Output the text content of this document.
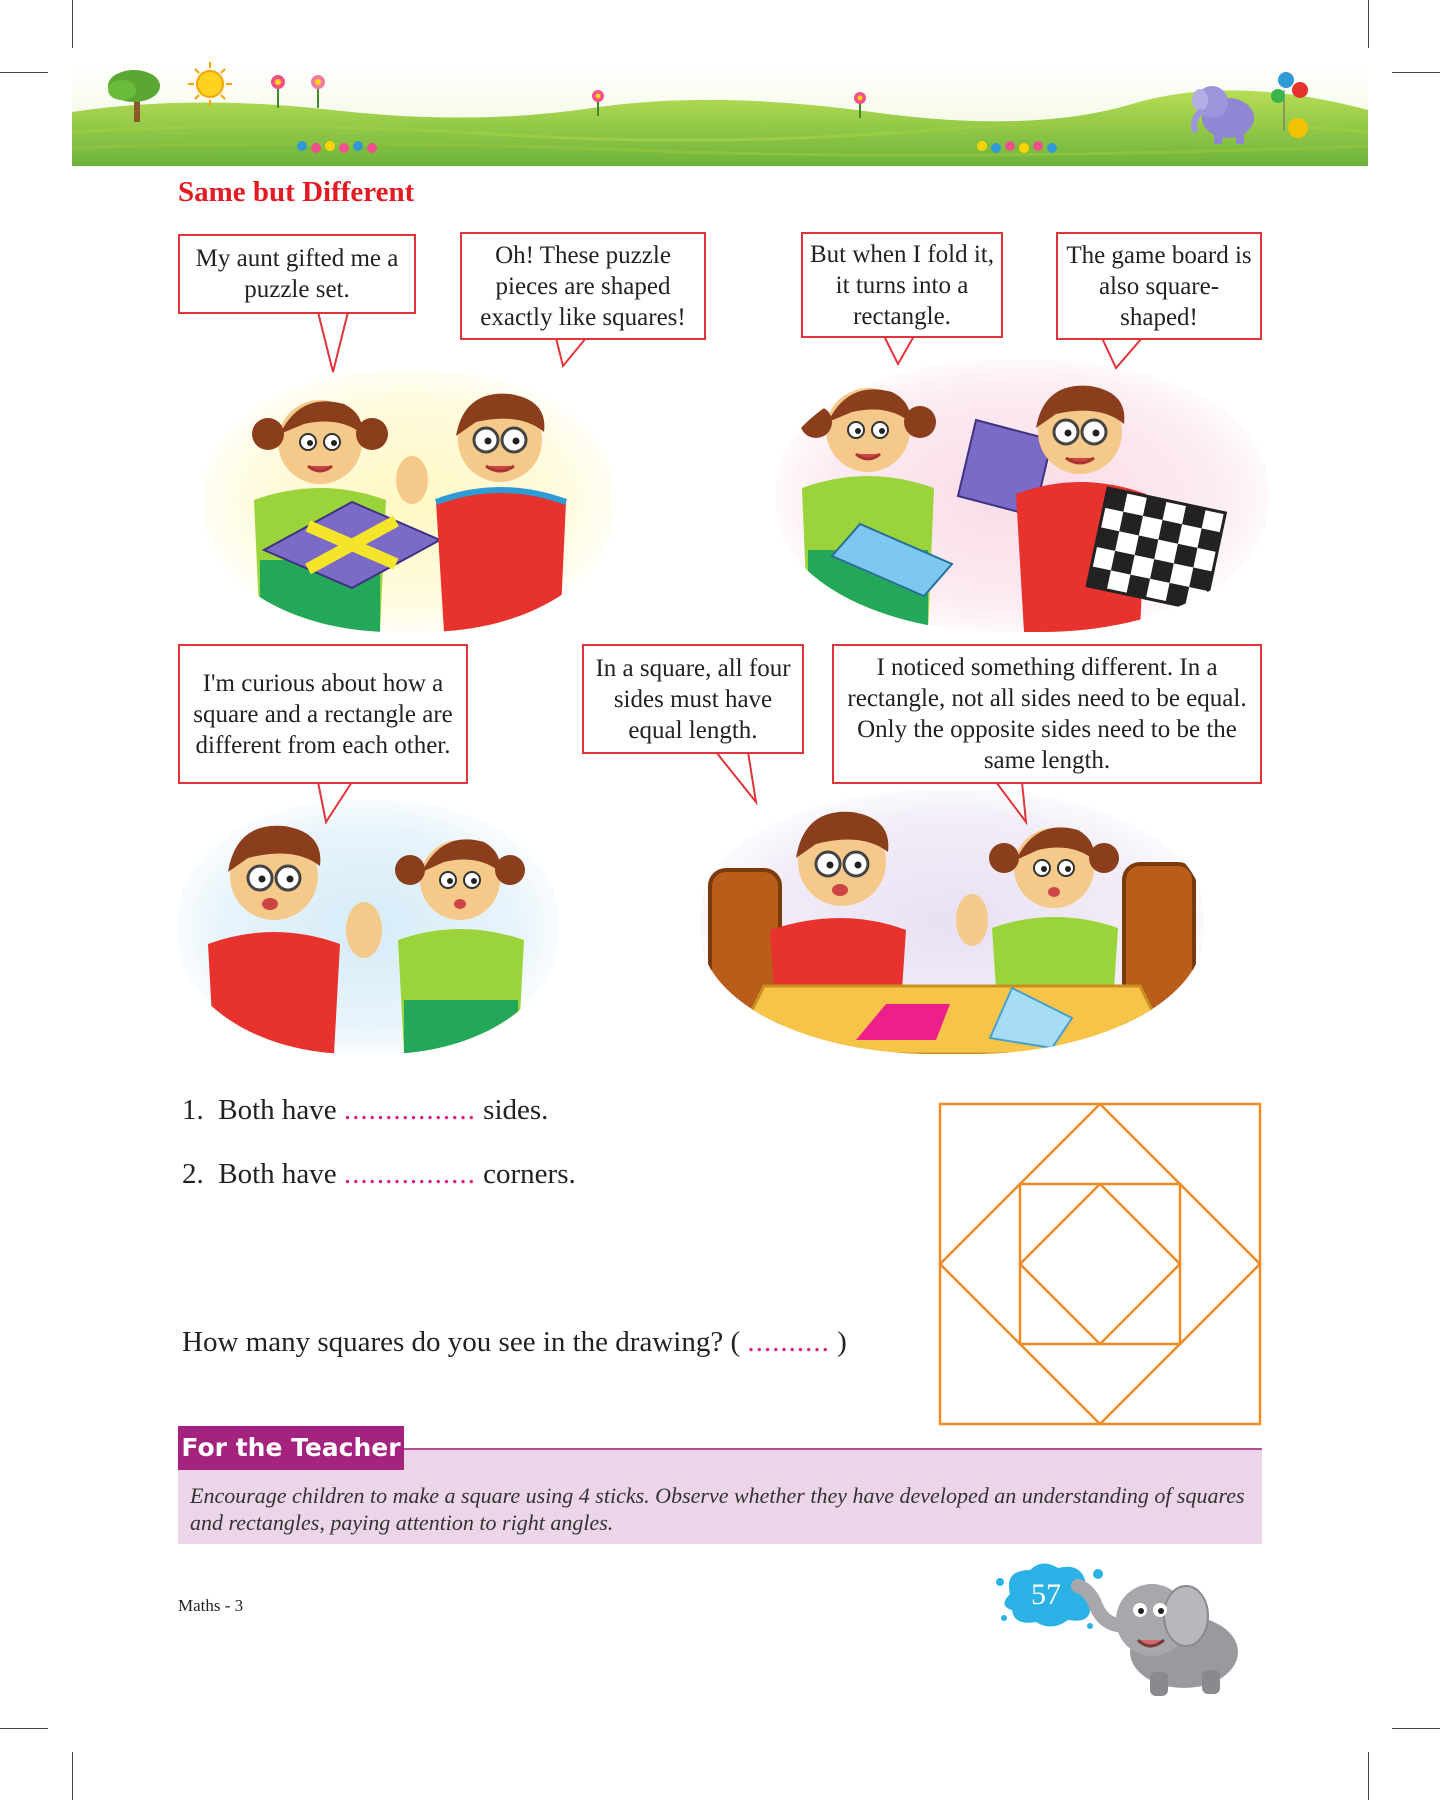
Same but Different
My aunt gifted me a puzzle set.
Oh! These puzzle pieces are shaped exactly like squares!
But when I fold it, it turns into a rectangle.
The game board is also square-shaped!
I'm curious about how a square and a rectangle are different from each other.
In a square, all four sides must have equal length.
I noticed something different. In a rectangle, not all sides need to be equal. Only the opposite sides need to be the same length.

1. Both have ................ sides.

2. Both have ................ corners.

How many squares do you see in the drawing? ( .......... )

Encourage children to make a square using 4 sticks. Observe whether they have developed an understanding of squares and rectangles, paying attention to right angles.
For the Teacher

Maths - 3	57
